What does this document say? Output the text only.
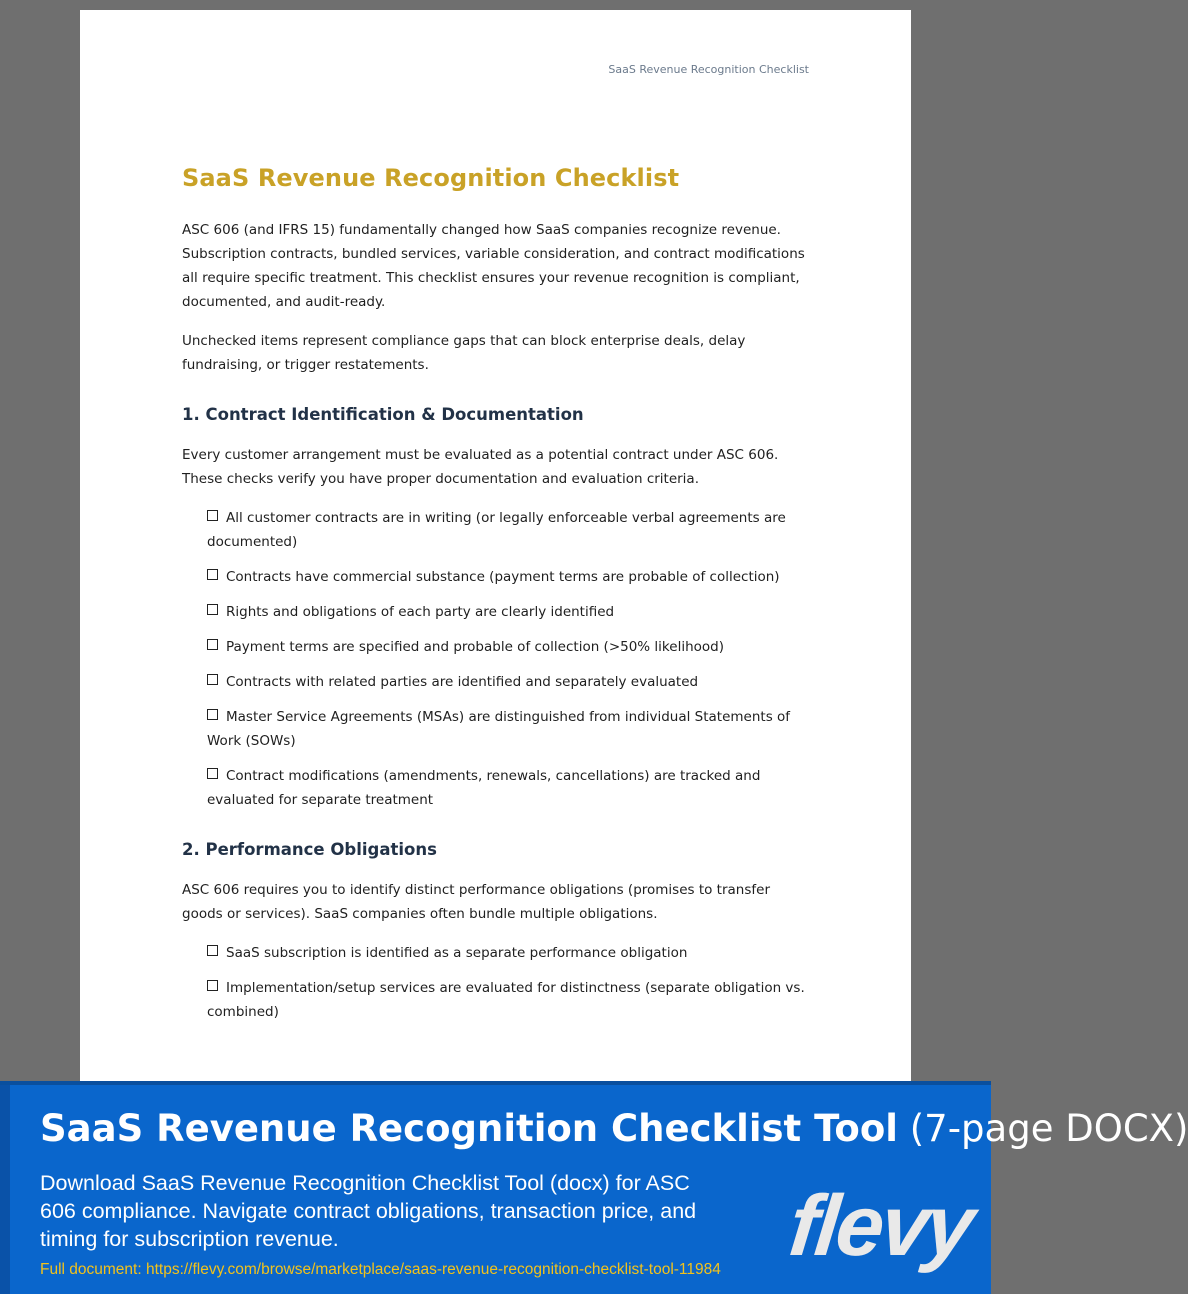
SaaS Revenue Recognition Checklist
SaaS Revenue Recognition Checklist

ASC 606 (and IFRS 15) fundamentally changed how SaaS companies recognize revenue. Subscription contracts, bundled services, variable consideration, and contract modifications all require specific treatment. This checklist ensures your revenue recognition is compliant, documented, and audit-ready.

Unchecked items represent compliance gaps that can block enterprise deals, delay fundraising, or trigger restatements.

1. Contract Identification & Documentation

Every customer arrangement must be evaluated as a potential contract under ASC 606. These checks verify you have proper documentation and evaluation criteria.

All customer contracts are in writing (or legally enforceable verbal agreements are documented)
Contracts have commercial substance (payment terms are probable of collection)
Rights and obligations of each party are clearly identified
Payment terms are specified and probable of collection (>50% likelihood)
Contracts with related parties are identified and separately evaluated
Master Service Agreements (MSAs) are distinguished from individual Statements of Work (SOWs)
Contract modifications (amendments, renewals, cancellations) are tracked and evaluated for separate treatment
2. Performance Obligations

ASC 606 requires you to identify distinct performance obligations (promises to transfer goods or services). SaaS companies often bundle multiple obligations.

SaaS subscription is identified as a separate performance obligation
Implementation/setup services are evaluated for distinctness (separate obligation vs. combined)
SaaS Revenue Recognition Checklist Tool (7-page DOCX)
Download SaaS Revenue Recognition Checklist Tool (docx) for ASC 606 compliance. Navigate contract obligations, transaction price, and timing for subscription revenue.
Full document: https://flevy.com/browse/marketplace/saas-revenue-recognition-checklist-tool-11984 flevy
